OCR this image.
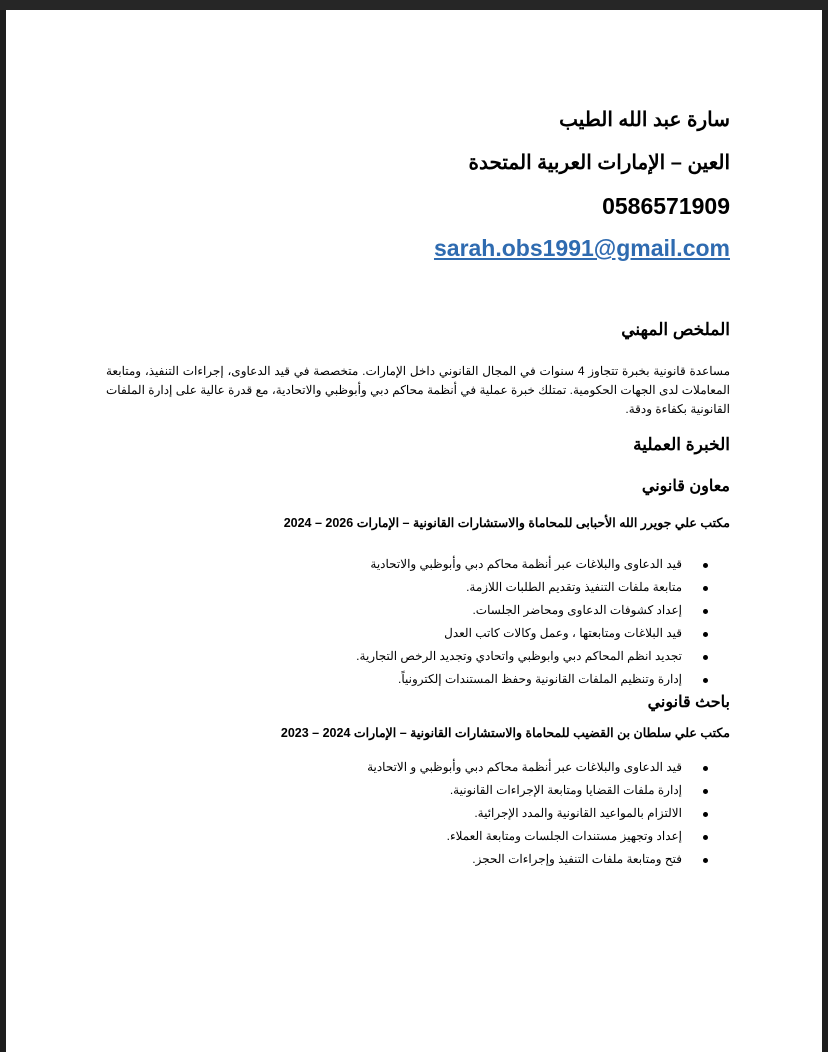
سارة عبد الله الطيب
العين – الإمارات العربية المتحدة
0586571909
sarah.obs1991@gmail.com
الملخص المهني
مساعدة قانونية بخبرة تتجاوز 4 سنوات في المجال القانوني داخل الإمارات. متخصصة في قيد الدعاوى، إجراءات التنفيذ، ومتابعة المعاملات لدى الجهات الحكومية. تمتلك خبرة عملية في أنظمة محاكم دبي وأبوظبي والاتحادية، مع قدرة عالية على إدارة الملفات القانونية بكفاءة ودقة.
الخبرة العملية
معاون قانوني
مكتب علي جويرر الله الأحبابى للمحاماة والاستشارات القانونية – الإمارات 2026 – 2024
قيد الدعاوى والبلاغات عبر أنظمة محاكم دبي وأبوظبي والاتحادية
متابعة ملفات التنفيذ وتقديم الطلبات اللازمة.
إعداد كشوفات الدعاوى ومحاضر الجلسات.
قيد البلاغات ومتابعتها ، وعمل وكالات كاتب العدل
تجديد انظم المحاكم دبي وابوظبي واتحادي وتجديد الرخص التجارية.
إدارة وتنظيم الملفات القانونية وحفظ المستندات إلكترونياً.
باحث قانوني
مكتب علي سلطان بن القضيب للمحاماة والاستشارات القانونية – الإمارات 2024 – 2023
قيد الدعاوى والبلاغات عبر أنظمة محاكم دبي وأبوظبي و الاتحادية
إدارة ملفات القضايا ومتابعة الإجراءات القانونية.
الالتزام بالمواعيد القانونية والمدد الإجرائية.
إعداد وتجهيز مستندات الجلسات ومتابعة العملاء.
فتح ومتابعة ملفات التنفيذ وإجراءات الحجز.
